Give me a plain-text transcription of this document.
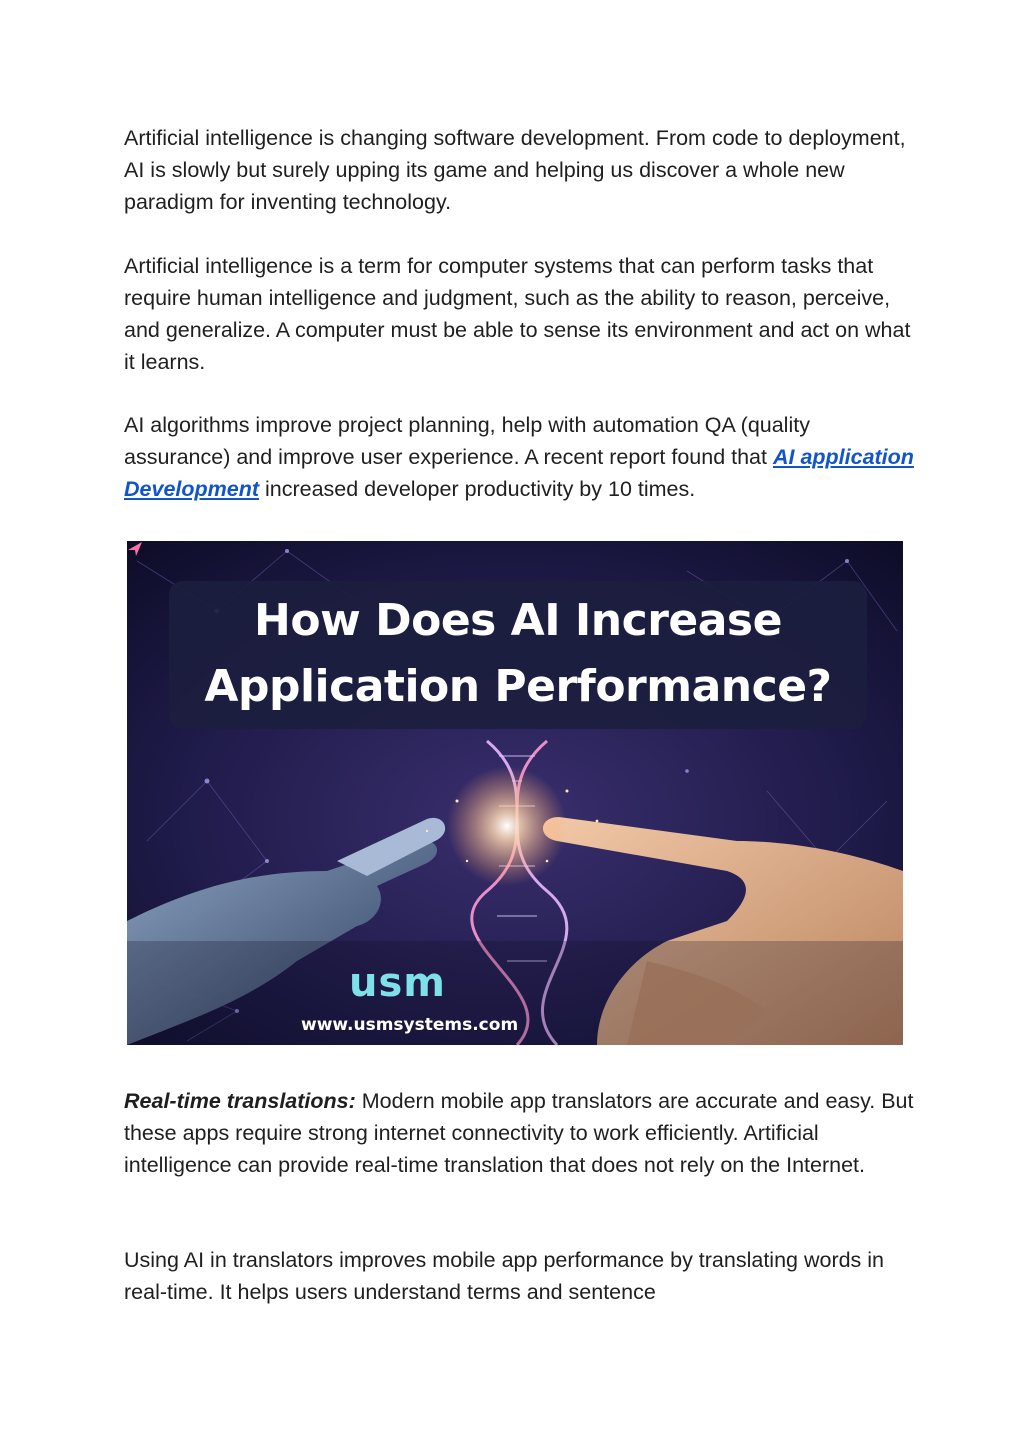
Artificial intelligence is changing software development. From code to deployment, AI is slowly but surely upping its game and helping us discover a whole new paradigm for inventing technology.

Artificial intelligence is a term for computer systems that can perform tasks that require human intelligence and judgment, such as the ability to reason, perceive, and generalize. A computer must be able to sense its environment and act on what it learns.

AI algorithms improve project planning, help with automation QA (quality assurance) and improve user experience. A recent report found that AI application Development increased developer productivity by 10 times.

How Does AI Increase
Application Performance?
usm
www.usmsystems.com

Real-time translations: Modern mobile app translators are accurate and easy. But these apps require strong internet connectivity to work efficiently. Artificial intelligence can provide real-time translation that does not rely on the Internet.

Using AI in translators improves mobile app performance by translating words in real-time. It helps users understand terms and sentence
